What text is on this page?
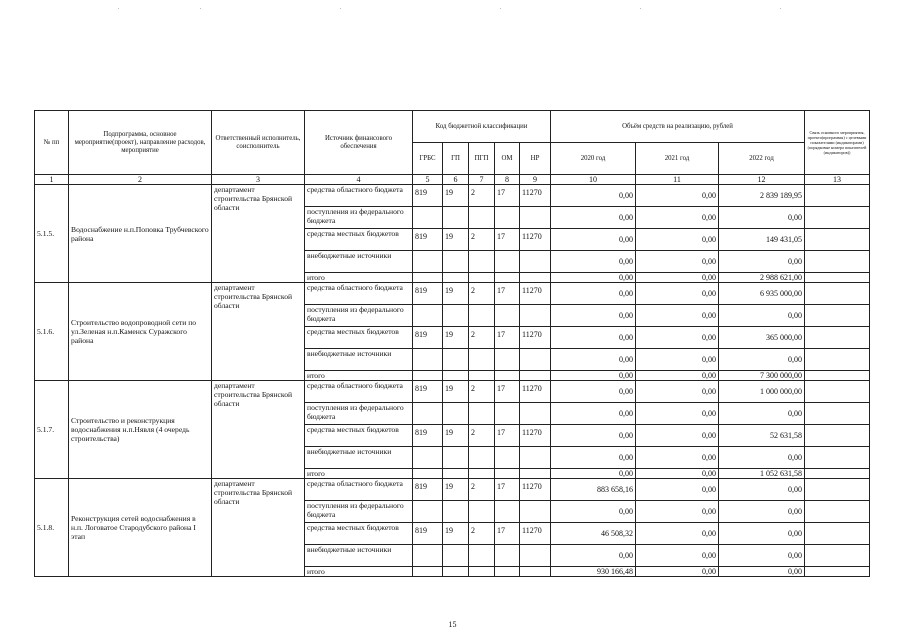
№ пп	Подпрограмма, основное мероприятие(проект), направление расходов, мероприятие	Ответственный исполнитель, соисполнитель	Источник финансового обеспечения	Код бюджетной классификации					Объём средств на реализацию, рублей			Связь основного мероприятия, проекта(программы) с целевыми показателями (индикаторами) (порядковые номера показателей (индикаторов))
				ГРБС	ГП	ПГП	ОМ	НР	2020 год	2021 год	2022 год	
1	2	3	4	5	6	7	8	9	10	11	12	13
5.1.5.	Водоснабжение н.п.Поповка Трубчевского района	департамент строительства Брянской области	средства областного бюджета	819	19	2	17	11270	0,00	0,00	2 839 189,95	
			поступления из федерального бюджета						0,00	0,00	0,00	
			средства местных бюджетов	819	19	2	17	11270	0,00	0,00	149 431,05	
			внебюджетные источники						0,00	0,00	0,00	
			итого						0,00	0,00	2 988 621,00	
5.1.6.	Строительство водопроводной сети по ул.Зеленая н.п.Каменск Суражского района	департамент строительства Брянской области	средства областного бюджета	819	19	2	17	11270	0,00	0,00	6 935 000,00	
			поступления из федерального бюджета						0,00	0,00	0,00	
			средства местных бюджетов	819	19	2	17	11270	0,00	0,00	365 000,00	
			внебюджетные источники						0,00	0,00	0,00	
			итого						0,00	0,00	7 300 000,00	
5.1.7.	Строительство и реконструкция водоснабжения н.п.Нявля (4 очередь строительства)	департамент строительства Брянской области	средства областного бюджета	819	19	2	17	11270	0,00	0,00	1 000 000,00	
			поступления из федерального бюджета						0,00	0,00	0,00	
			средства местных бюджетов	819	19	2	17	11270	0,00	0,00	52 631,58	
			внебюджетные источники						0,00	0,00	0,00	
			итого						0,00	0,00	1 052 631,58	
5.1.8.	Реконструкция сетей водоснабжения в н.п. Логоватое Стародубского района I этап	департамент строительства Брянской области	средства областного бюджета	819	19	2	17	11270	883 658,16	0,00	0,00	
			поступления из федерального бюджета						0,00	0,00	0,00	
			средства местных бюджетов	819	19	2	17	11270	46 508,32	0,00	0,00	
			внебюджетные источники						0,00	0,00	0,00	
			итого						930 166,48	0,00	0,00	
15
